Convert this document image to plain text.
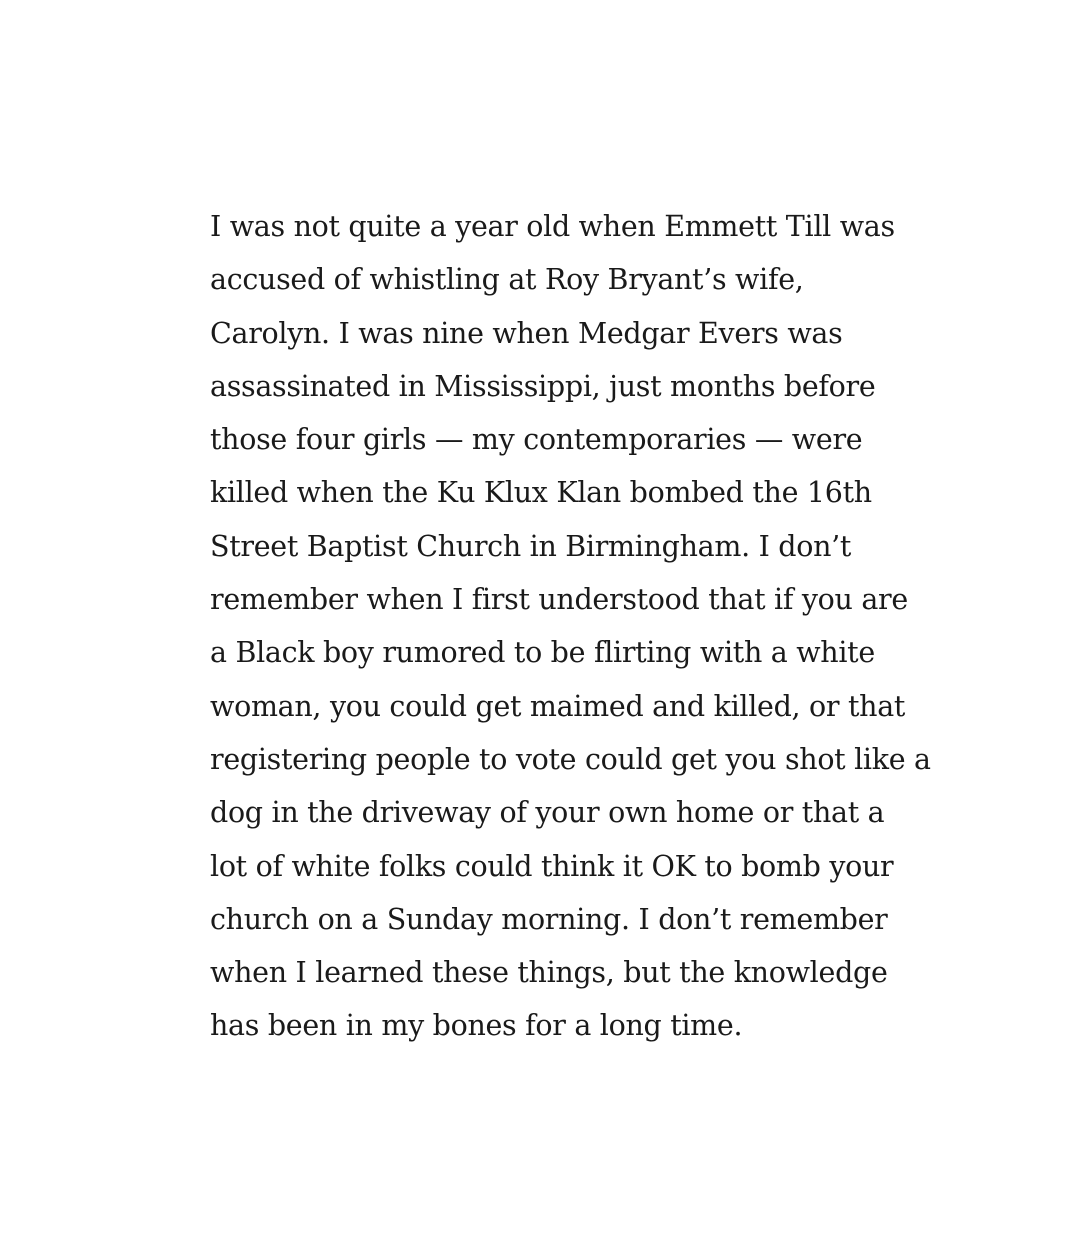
I was not quite a year old when Emmett Till was
accused of whistling at Roy Bryant’s wife,
Carolyn. I was nine when Medgar Evers was
assassinated in Mississippi, just months before
those four girls — my contemporaries — were
killed when the Ku Klux Klan bombed the 16th
Street Baptist Church in Birmingham. I don’t
remember when I first understood that if you are
a Black boy rumored to be flirting with a white
woman, you could get maimed and killed, or that
registering people to vote could get you shot like a
dog in the driveway of your own home or that a
lot of white folks could think it OK to bomb your
church on a Sunday morning. I don’t remember
when I learned these things, but the knowledge
has been in my bones for a long time.
